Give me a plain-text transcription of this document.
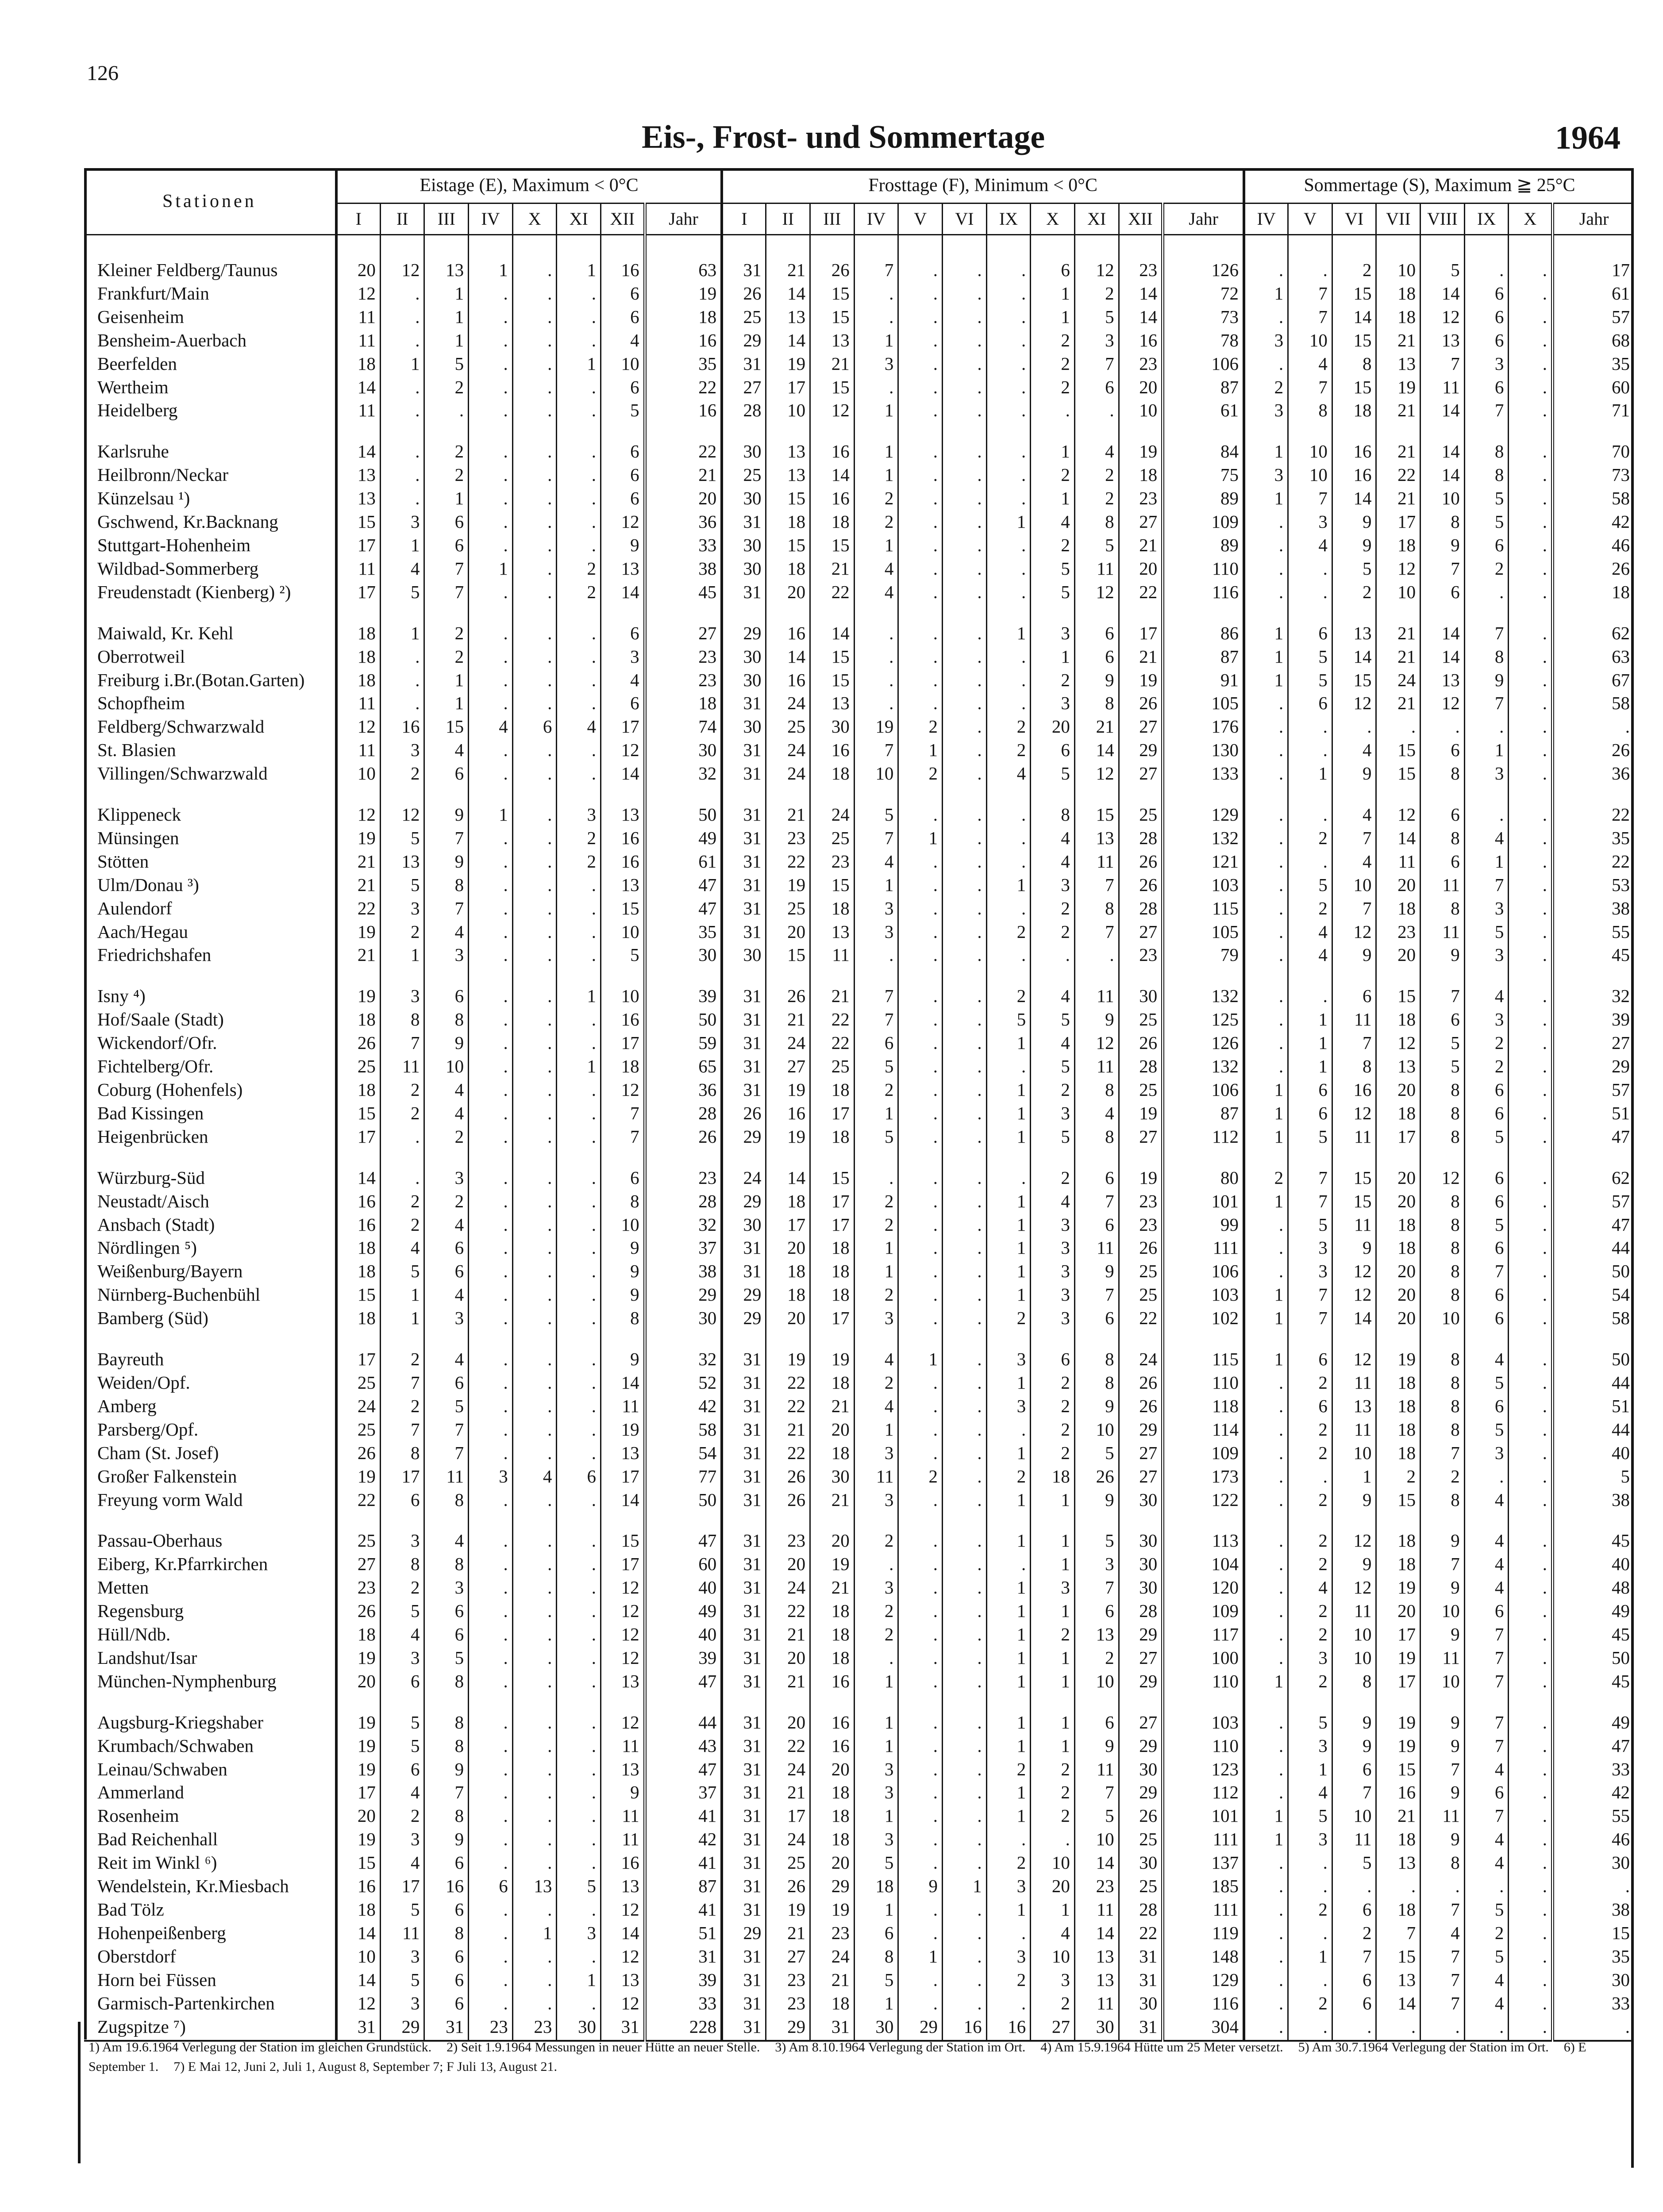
126
Eis-, Frost- und Sommertage	1964
Stationen	Eistage (E), Maximum < 0°C								Frosttage (F), Minimum < 0°C											Sommertage (S), Maximum ≧ 25°C							
	I	II	III	IV	X	XI	XII	Jahr	I	II	III	IV	V	VI	IX	X	XI	XII	Jahr	IV	V	VI	VII	VIII	IX	X	Jahr
Kleiner Feldberg/Taunus	20	12	13	1	.	1	16	63	31	21	26	7	.	.	.	6	12	23	126	.	.	2	10	5	.	.	17
Frankfurt/Main	12	.	1	.	.	.	6	19	26	14	15	.	.	.	.	1	2	14	72	1	7	15	18	14	6	.	61
Geisenheim	11	.	1	.	.	.	6	18	25	13	15	.	.	.	.	1	5	14	73	.	7	14	18	12	6	.	57
Bensheim-Auerbach	11	.	1	.	.	.	4	16	29	14	13	1	.	.	.	2	3	16	78	3	10	15	21	13	6	.	68
Beerfelden	18	1	5	.	.	1	10	35	31	19	21	3	.	.	.	2	7	23	106	.	4	8	13	7	3	.	35
Wertheim	14	.	2	.	.	.	6	22	27	17	15	.	.	.	.	2	6	20	87	2	7	15	19	11	6	.	60
Heidelberg	11	.	.	.	.	.	5	16	28	10	12	1	.	.	.	.	.	10	61	3	8	18	21	14	7	.	71
Karlsruhe	14	.	2	.	.	.	6	22	30	13	16	1	.	.	.	1	4	19	84	1	10	16	21	14	8	.	70
Heilbronn/Neckar	13	.	2	.	.	.	6	21	25	13	14	1	.	.	.	2	2	18	75	3	10	16	22	14	8	.	73
Künzelsau ¹)	13	.	1	.	.	.	6	20	30	15	16	2	.	.	.	1	2	23	89	1	7	14	21	10	5	.	58
Gschwend, Kr.Backnang	15	3	6	.	.	.	12	36	31	18	18	2	.	.	1	4	8	27	109	.	3	9	17	8	5	.	42
Stuttgart-Hohenheim	17	1	6	.	.	.	9	33	30	15	15	1	.	.	.	2	5	21	89	.	4	9	18	9	6	.	46
Wildbad-Sommerberg	11	4	7	1	.	2	13	38	30	18	21	4	.	.	.	5	11	20	110	.	.	5	12	7	2	.	26
Freudenstadt (Kienberg) ²)	17	5	7	.	.	2	14	45	31	20	22	4	.	.	.	5	12	22	116	.	.	2	10	6	.	.	18
Maiwald, Kr. Kehl	18	1	2	.	.	.	6	27	29	16	14	.	.	.	1	3	6	17	86	1	6	13	21	14	7	.	62
Oberrotweil	18	.	2	.	.	.	3	23	30	14	15	.	.	.	.	1	6	21	87	1	5	14	21	14	8	.	63
Freiburg i.Br.(Botan.Garten)	18	.	1	.	.	.	4	23	30	16	15	.	.	.	.	2	9	19	91	1	5	15	24	13	9	.	67
Schopfheim	11	.	1	.	.	.	6	18	31	24	13	.	.	.	.	3	8	26	105	.	6	12	21	12	7	.	58
Feldberg/Schwarzwald	12	16	15	4	6	4	17	74	30	25	30	19	2	.	2	20	21	27	176	.	.	.	.	.	.	.	.
St. Blasien	11	3	4	.	.	.	12	30	31	24	16	7	1	.	2	6	14	29	130	.	.	4	15	6	1	.	26
Villingen/Schwarzwald	10	2	6	.	.	.	14	32	31	24	18	10	2	.	4	5	12	27	133	.	1	9	15	8	3	.	36
Klippeneck	12	12	9	1	.	3	13	50	31	21	24	5	.	.	.	8	15	25	129	.	.	4	12	6	.	.	22
Münsingen	19	5	7	.	.	2	16	49	31	23	25	7	1	.	.	4	13	28	132	.	2	7	14	8	4	.	35
Stötten	21	13	9	.	.	2	16	61	31	22	23	4	.	.	.	4	11	26	121	.	.	4	11	6	1	.	22
Ulm/Donau ³)	21	5	8	.	.	.	13	47	31	19	15	1	.	.	1	3	7	26	103	.	5	10	20	11	7	.	53
Aulendorf	22	3	7	.	.	.	15	47	31	25	18	3	.	.	.	2	8	28	115	.	2	7	18	8	3	.	38
Aach/Hegau	19	2	4	.	.	.	10	35	31	20	13	3	.	.	2	2	7	27	105	.	4	12	23	11	5	.	55
Friedrichshafen	21	1	3	.	.	.	5	30	30	15	11	.	.	.	.	.	.	23	79	.	4	9	20	9	3	.	45
Isny ⁴)	19	3	6	.	.	1	10	39	31	26	21	7	.	.	2	4	11	30	132	.	.	6	15	7	4	.	32
Hof/Saale (Stadt)	18	8	8	.	.	.	16	50	31	21	22	7	.	.	5	5	9	25	125	.	1	11	18	6	3	.	39
Wickendorf/Ofr.	26	7	9	.	.	.	17	59	31	24	22	6	.	.	1	4	12	26	126	.	1	7	12	5	2	.	27
Fichtelberg/Ofr.	25	11	10	.	.	1	18	65	31	27	25	5	.	.	.	5	11	28	132	.	1	8	13	5	2	.	29
Coburg (Hohenfels)	18	2	4	.	.	.	12	36	31	19	18	2	.	.	1	2	8	25	106	1	6	16	20	8	6	.	57
Bad Kissingen	15	2	4	.	.	.	7	28	26	16	17	1	.	.	1	3	4	19	87	1	6	12	18	8	6	.	51
Heigenbrücken	17	.	2	.	.	.	7	26	29	19	18	5	.	.	1	5	8	27	112	1	5	11	17	8	5	.	47
Würzburg-Süd	14	.	3	.	.	.	6	23	24	14	15	.	.	.	.	2	6	19	80	2	7	15	20	12	6	.	62
Neustadt/Aisch	16	2	2	.	.	.	8	28	29	18	17	2	.	.	1	4	7	23	101	1	7	15	20	8	6	.	57
Ansbach (Stadt)	16	2	4	.	.	.	10	32	30	17	17	2	.	.	1	3	6	23	99	.	5	11	18	8	5	.	47
Nördlingen ⁵)	18	4	6	.	.	.	9	37	31	20	18	1	.	.	1	3	11	26	111	.	3	9	18	8	6	.	44
Weißenburg/Bayern	18	5	6	.	.	.	9	38	31	18	18	1	.	.	1	3	9	25	106	.	3	12	20	8	7	.	50
Nürnberg-Buchenbühl	15	1	4	.	.	.	9	29	29	18	18	2	.	.	1	3	7	25	103	1	7	12	20	8	6	.	54
Bamberg (Süd)	18	1	3	.	.	.	8	30	29	20	17	3	.	.	2	3	6	22	102	1	7	14	20	10	6	.	58
Bayreuth	17	2	4	.	.	.	9	32	31	19	19	4	1	.	3	6	8	24	115	1	6	12	19	8	4	.	50
Weiden/Opf.	25	7	6	.	.	.	14	52	31	22	18	2	.	.	1	2	8	26	110	.	2	11	18	8	5	.	44
Amberg	24	2	5	.	.	.	11	42	31	22	21	4	.	.	3	2	9	26	118	.	6	13	18	8	6	.	51
Parsberg/Opf.	25	7	7	.	.	.	19	58	31	21	20	1	.	.	.	2	10	29	114	.	2	11	18	8	5	.	44
Cham (St. Josef)	26	8	7	.	.	.	13	54	31	22	18	3	.	.	1	2	5	27	109	.	2	10	18	7	3	.	40
Großer Falkenstein	19	17	11	3	4	6	17	77	31	26	30	11	2	.	2	18	26	27	173	.	.	1	2	2	.	.	5
Freyung vorm Wald	22	6	8	.	.	.	14	50	31	26	21	3	.	.	1	1	9	30	122	.	2	9	15	8	4	.	38
Passau-Oberhaus	25	3	4	.	.	.	15	47	31	23	20	2	.	.	1	1	5	30	113	.	2	12	18	9	4	.	45
Eiberg, Kr.Pfarrkirchen	27	8	8	.	.	.	17	60	31	20	19	.	.	.	.	1	3	30	104	.	2	9	18	7	4	.	40
Metten	23	2	3	.	.	.	12	40	31	24	21	3	.	.	1	3	7	30	120	.	4	12	19	9	4	.	48
Regensburg	26	5	6	.	.	.	12	49	31	22	18	2	.	.	1	1	6	28	109	.	2	11	20	10	6	.	49
Hüll/Ndb.	18	4	6	.	.	.	12	40	31	21	18	2	.	.	1	2	13	29	117	.	2	10	17	9	7	.	45
Landshut/Isar	19	3	5	.	.	.	12	39	31	20	18	.	.	.	1	1	2	27	100	.	3	10	19	11	7	.	50
München-Nymphenburg	20	6	8	.	.	.	13	47	31	21	16	1	.	.	1	1	10	29	110	1	2	8	17	10	7	.	45
Augsburg-Kriegshaber	19	5	8	.	.	.	12	44	31	20	16	1	.	.	1	1	6	27	103	.	5	9	19	9	7	.	49
Krumbach/Schwaben	19	5	8	.	.	.	11	43	31	22	16	1	.	.	1	1	9	29	110	.	3	9	19	9	7	.	47
Leinau/Schwaben	19	6	9	.	.	.	13	47	31	24	20	3	.	.	2	2	11	30	123	.	1	6	15	7	4	.	33
Ammerland	17	4	7	.	.	.	9	37	31	21	18	3	.	.	1	2	7	29	112	.	4	7	16	9	6	.	42
Rosenheim	20	2	8	.	.	.	11	41	31	17	18	1	.	.	1	2	5	26	101	1	5	10	21	11	7	.	55
Bad Reichenhall	19	3	9	.	.	.	11	42	31	24	18	3	.	.	.	.	10	25	111	1	3	11	18	9	4	.	46
Reit im Winkl ⁶)	15	4	6	.	.	.	16	41	31	25	20	5	.	.	2	10	14	30	137	.	.	5	13	8	4	.	30
Wendelstein, Kr.Miesbach	16	17	16	6	13	5	13	87	31	26	29	18	9	1	3	20	23	25	185	.	.	.	.	.	.	.	.
Bad Tölz	18	5	6	.	.	.	12	41	31	19	19	1	.	.	1	1	11	28	111	.	2	6	18	7	5	.	38
Hohenpeißenberg	14	11	8	.	1	3	14	51	29	21	23	6	.	.	.	4	14	22	119	.	.	2	7	4	2	.	15
Oberstdorf	10	3	6	.	.	.	12	31	31	27	24	8	1	.	3	10	13	31	148	.	1	7	15	7	5	.	35
Horn bei Füssen	14	5	6	.	.	1	13	39	31	23	21	5	.	.	2	3	13	31	129	.	.	6	13	7	4	.	30
Garmisch-Partenkirchen	12	3	6	.	.	.	12	33	31	23	18	1	.	.	.	2	11	30	116	.	2	6	14	7	4	.	33
Zugspitze ⁷)	31	29	31	23	23	30	31	228	31	29	31	30	29	16	16	27	30	31	304	.	.	.	.	.	.	.	.
1) Am 19.6.1964 Verlegung der Station im gleichen Grundstück. 2) Seit 1.9.1964 Messungen in neuer Hütte an neuer Stelle. 3) Am 8.10.1964 Verlegung der Station im Ort. 4) Am 15.9.1964 Hütte um 25 Meter versetzt. 5) Am 30.7.1964 Verlegung der Station im Ort. 6) E September 1. 7) E Mai 12, Juni 2, Juli 1, August 8, September 7; F Juli 13, August 21.
